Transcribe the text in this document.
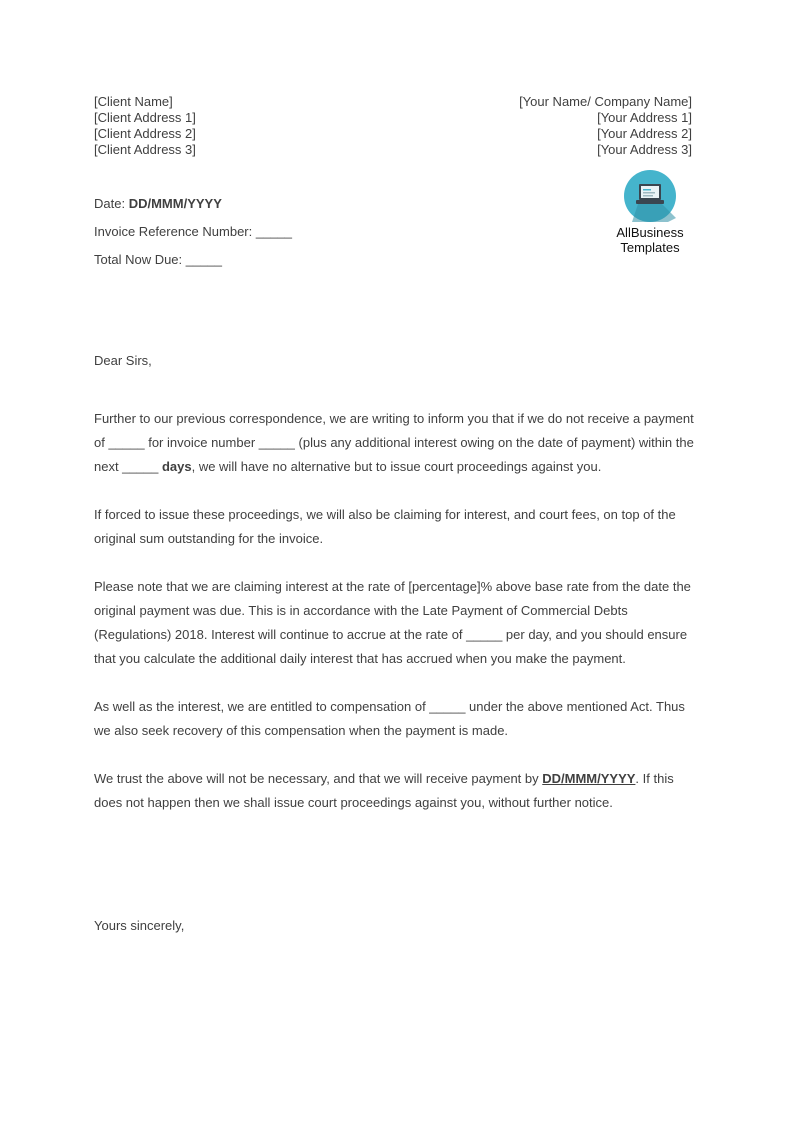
[Client Name]
[Client Address 1]
[Client Address 2]
[Client Address 3]
[Your Name/ Company Name]
[Your Address 1]
[Your Address 2]
[Your Address 3]
Date: DD/MMM/YYYY
Invoice Reference Number: _____
Total Now Due: _____
AllBusiness
Templates

Dear Sirs,

Further to our previous correspondence, we are writing to inform you that if we do not receive a payment of _____ for invoice number _____ (plus any additional interest owing on the date of payment) within the next _____ days, we will have no alternative but to issue court proceedings against you.

If forced to issue these proceedings, we will also be claiming for interest, and court fees, on top of the original sum outstanding for the invoice.

Please note that we are claiming interest at the rate of [percentage]% above base rate from the date the original payment was due. This is in accordance with the Late Payment of Commercial Debts (Regulations) 2018. Interest will continue to accrue at the rate of _____ per day, and you should ensure that you calculate the additional daily interest that has accrued when you make the payment.

As well as the interest, we are entitled to compensation of _____ under the above mentioned Act. Thus we also seek recovery of this compensation when the payment is made.

We trust the above will not be necessary, and that we will receive payment by DD/MMM/YYYY. If this does not happen then we shall issue court proceedings against you, without further notice.

Yours sincerely,
